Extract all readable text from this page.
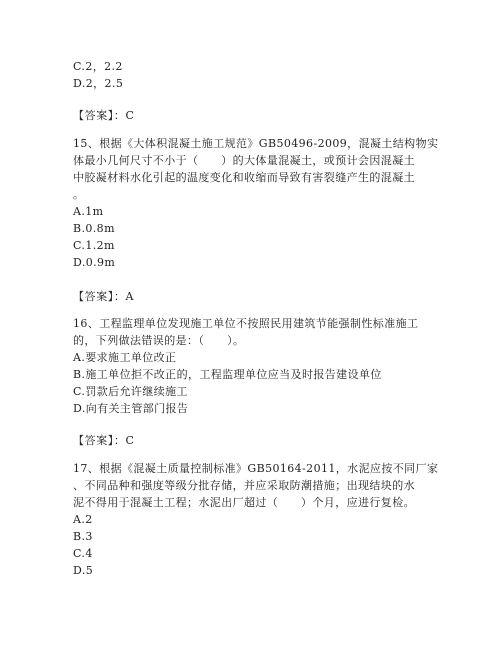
C.2，2.2
D.2，2.5
【答案】：C
15、根据《大体积混凝土施工规范》GB50496-2009，混凝土结构物实
体最小几何尺寸不小于（　　）的大体量混凝土，或预计会因混凝土
中胶凝材料水化引起的温度变化和收缩而导致有害裂缝产生的混凝土
。
A.1m
B.0.8m
C.1.2m
D.0.9m
【答案】：A
16、工程监理单位发现施工单位不按照民用建筑节能强制性标准施工
的，下列做法错误的是：（　　）。
A.要求施工单位改正
B.施工单位拒不改正的，工程监理单位应当及时报告建设单位
C.罚款后允许继续施工
D.向有关主管部门报告
【答案】：C
17、根据《混凝土质量控制标准》GB50164-2011，水泥应按不同厂家
、不同品种和强度等级分批存储，并应采取防潮措施；出现结块的水
泥不得用于混凝土工程；水泥出厂超过（　　）个月，应进行复检。
A.2
B.3
C.4
D.5
